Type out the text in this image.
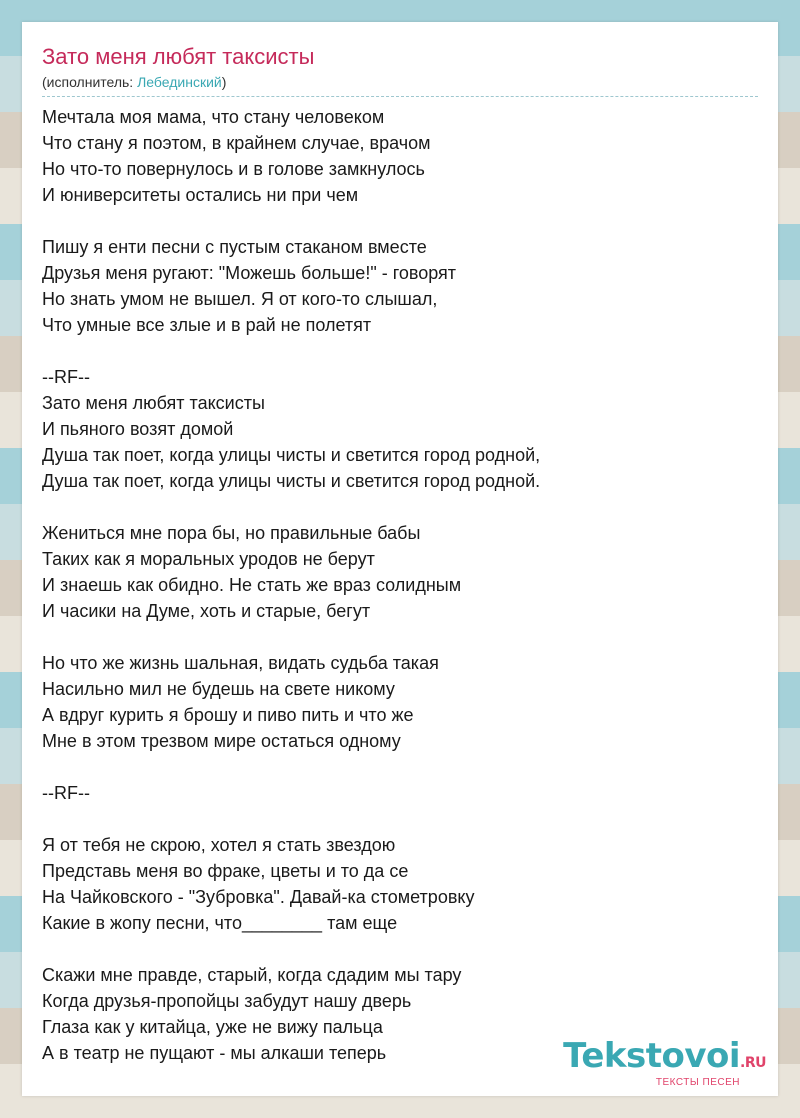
Зато меня любят таксисты
(исполнитель: Лебединский)
Мечтала моя мама, что стану человеком
Что стану я поэтом, в крайнем случае, врачом
Но что-то повернулось и в голове замкнулось
И юниверситеты остались ни при чем
Пишу я енти песни с пустым стаканом вместе
Друзья меня ругают: "Можешь больше!" - говорят
Но знать умом не вышел. Я от кого-то слышал,
Что умные все злые и в рай не полетят
--RF--
Зато меня любят таксисты
И пьяного возят домой
Душа так поет, когда улицы чисты и светится город родной,
Душа так поет, когда улицы чисты и светится город родной.
Жениться мне пора бы, но правильные бабы
Таких как я моральных уродов не берут
И знаешь как обидно. Не стать же враз солидным
И часики на Думе, хоть и старые, бегут
Но что же жизнь шальная, видать судьба такая
Насильно мил не будешь на свете никому
А вдруг курить я брошу и пиво пить и что же
Мне в этом трезвом мире остаться одному
--RF--
Я от тебя не скрою, хотел я стать звездою
Представь меня во фраке, цветы и то да се
На Чайковского - "Зубровка". Давай-ка стометровку
Какие в жопу песни, что________ там еще
Скажи мне правде, старый, когда сдадим мы тару
Когда друзья-пропойцы забудут нашу дверь
Глаза как у китайца, уже не вижу пальца
А в театр не пущают - мы алкаши теперь	Tekstovoi.RU
ТЕКСТЫ ПЕСЕН
